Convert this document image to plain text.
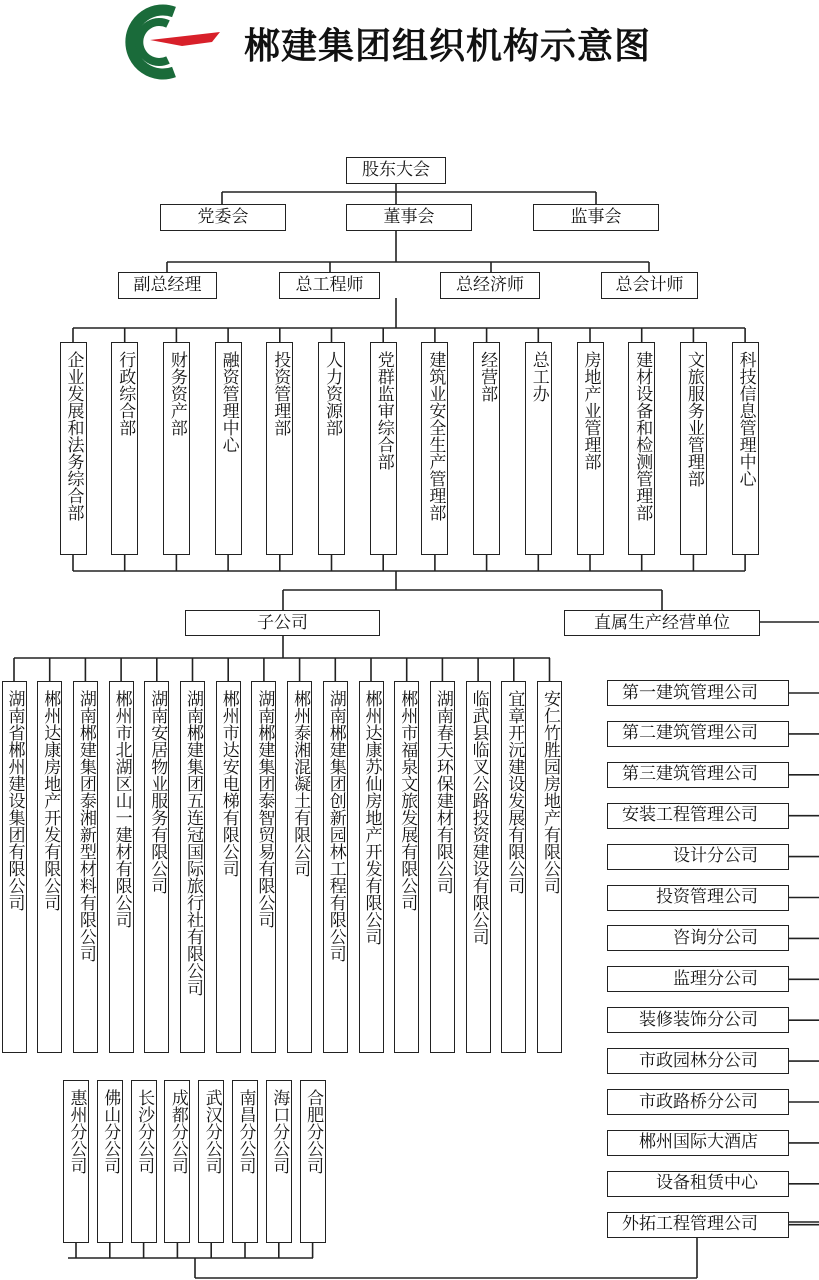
郴建集团组织机构示意图
股东大会
党委会	董事会	监事会
副总经理	总工程师	总经济师	总会计师
企业发展和法务综合部 行政综合部 财务资产部 融资管理中心 投资管理部 人力资源部 党群监审综合部 建筑业安全生产管理部 经营部 总工办 房地产业管理部 建材设备和检测管理部 文旅服务业管理部 科技信息管理中心
子公司	直属生产经营单位
湖南省郴州建设集团有限公司 郴州达康房地产开发有限公司 湖南郴建集团泰湘新型材料有限公司 郴州市北湖区山一建材有限公司 湖南安居物业服务有限公司 湖南郴建集团五连冠国际旅行社有限公司 郴州市达安电梯有限公司 湖南郴建集团泰智贸易有限公司 郴州泰湘混凝土有限公司 湖南郴建集团创新园林工程有限公司 郴州达康苏仙房地产开发有限公司 郴州市福泉文旅发展有限公司 湖南春天环保建材有限公司 临武县临叉公路投资建设有限公司 宜章开沅建设发展有限公司 安仁竹胜园房地产有限公司
惠州分公司 佛山分公司 长沙分公司 成都分公司 武汉分公司 南昌分公司 海口分公司 合肥分公司
第一建筑管理公司
第二建筑管理公司
第三建筑管理公司
安装工程管理公司
设计分公司
投资管理公司
咨询分公司
监理分公司
装修装饰分公司
市政园林分公司
市政路桥分公司
郴州国际大酒店
设备租赁中心
外拓工程管理公司
